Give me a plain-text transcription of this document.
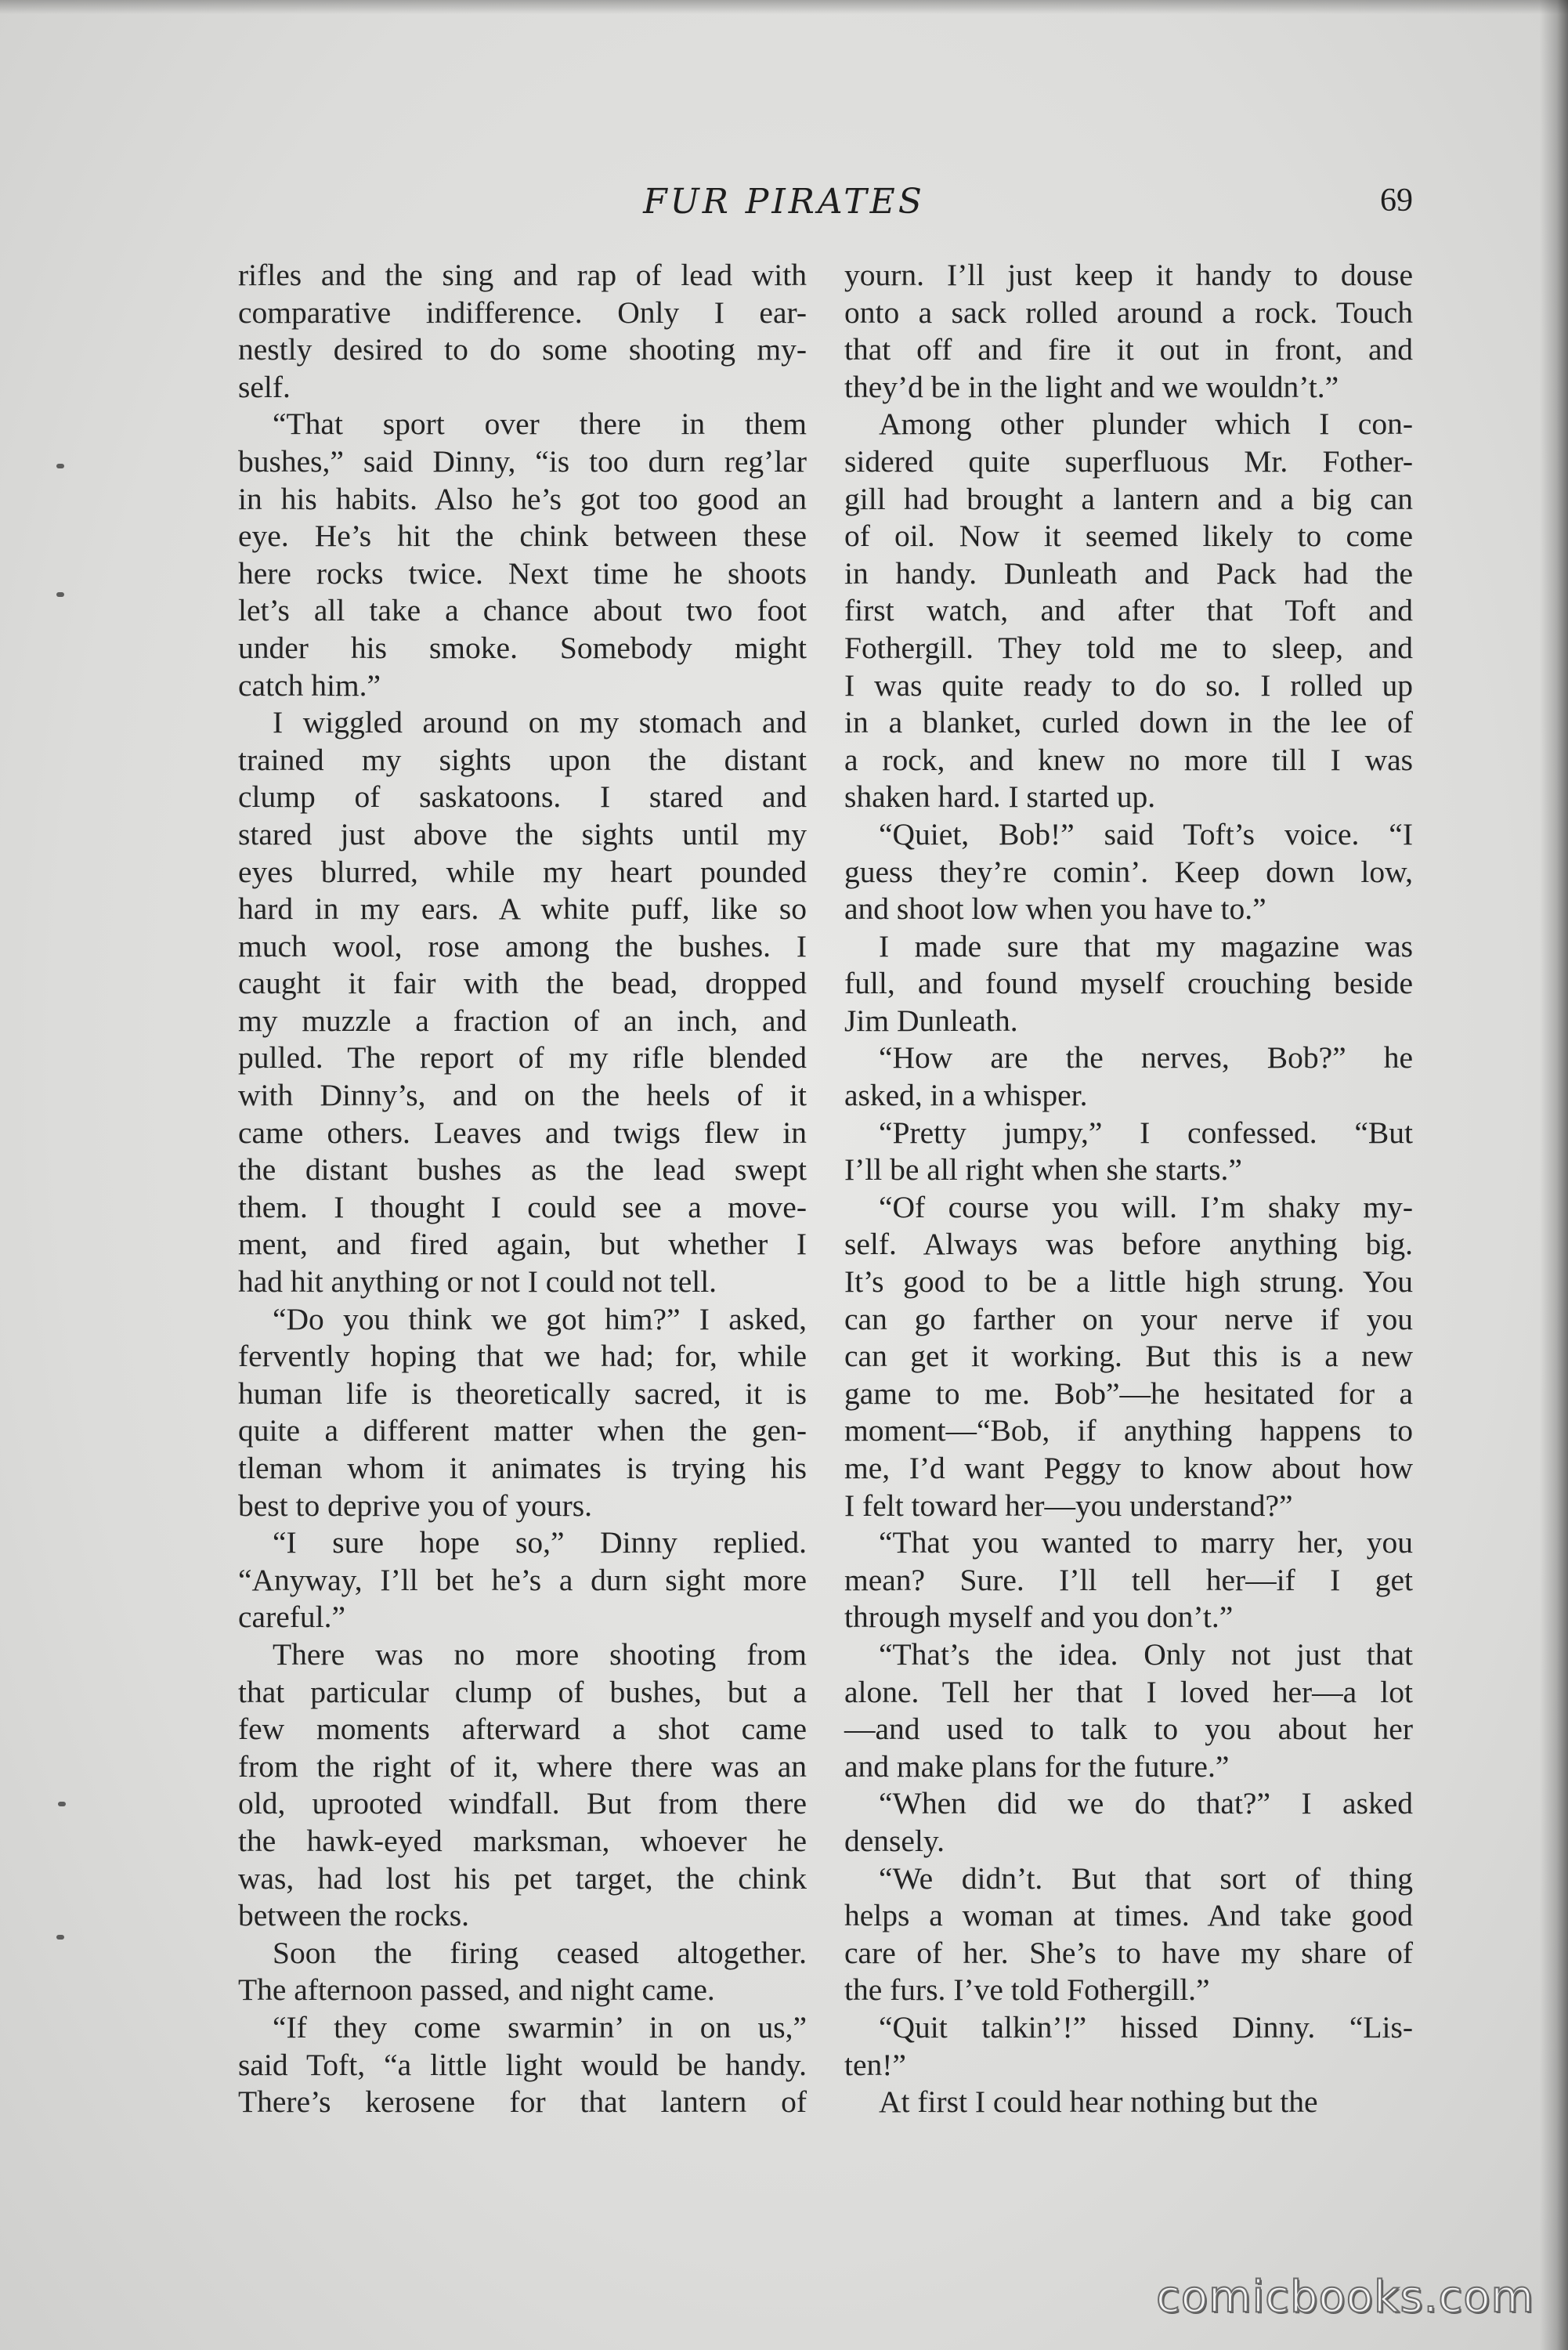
FUR PIRATES	69
rifles and the sing and rap of lead with
comparative indifference. Only I ear-
nestly desired to do some shooting my-
self.
“That sport over there in them
bushes,” said Dinny, “is too durn reg’lar
in his habits. Also he’s got too good an
eye. He’s hit the chink between these
here rocks twice. Next time he shoots
let’s all take a chance about two foot
under his smoke. Somebody might
catch him.”
I wiggled around on my stomach and
trained my sights upon the distant
clump of saskatoons. I stared and
stared just above the sights until my
eyes blurred, while my heart pounded
hard in my ears. A white puff, like so
much wool, rose among the bushes. I
caught it fair with the bead, dropped
my muzzle a fraction of an inch, and
pulled. The report of my rifle blended
with Dinny’s, and on the heels of it
came others. Leaves and twigs flew in
the distant bushes as the lead swept
them. I thought I could see a move-
ment, and fired again, but whether I
had hit anything or not I could not tell.
“Do you think we got him?” I asked,
fervently hoping that we had; for, while
human life is theoretically sacred, it is
quite a different matter when the gen-
tleman whom it animates is trying his
best to deprive you of yours.
“I sure hope so,” Dinny replied.
“Anyway, I’ll bet he’s a durn sight more
careful.”
There was no more shooting from
that particular clump of bushes, but a
few moments afterward a shot came
from the right of it, where there was an
old, uprooted windfall. But from there
the hawk-eyed marksman, whoever he
was, had lost his pet target, the chink
between the rocks.
Soon the firing ceased altogether.
The afternoon passed, and night came.
“If they come swarmin’ in on us,”
said Toft, “a little light would be handy.
There’s kerosene for that lantern of
yourn. I’ll just keep it handy to douse
onto a sack rolled around a rock. Touch
that off and fire it out in front, and
they’d be in the light and we wouldn’t.”
Among other plunder which I con-
sidered quite superfluous Mr. Fother-
gill had brought a lantern and a big can
of oil. Now it seemed likely to come
in handy. Dunleath and Pack had the
first watch, and after that Toft and
Fothergill. They told me to sleep, and
I was quite ready to do so. I rolled up
in a blanket, curled down in the lee of
a rock, and knew no more till I was
shaken hard. I started up.
“Quiet, Bob!” said Toft’s voice. “I
guess they’re comin’. Keep down low,
and shoot low when you have to.”
I made sure that my magazine was
full, and found myself crouching beside
Jim Dunleath.
“How are the nerves, Bob?” he
asked, in a whisper.
“Pretty jumpy,” I confessed. “But
I’ll be all right when she starts.”
“Of course you will. I’m shaky my-
self. Always was before anything big.
It’s good to be a little high strung. You
can go farther on your nerve if you
can get it working. But this is a new
game to me. Bob”—he hesitated for a
moment—“Bob, if anything happens to
me, I’d want Peggy to know about how
I felt toward her—you understand?”
“That you wanted to marry her, you
mean? Sure. I’ll tell her—if I get
through myself and you don’t.”
“That’s the idea. Only not just that
alone. Tell her that I loved her—a lot
—and used to talk to you about her
and make plans for the future.”
“When did we do that?” I asked
densely.
“We didn’t. But that sort of thing
helps a woman at times. And take good
care of her. She’s to have my share of
the furs. I’ve told Fothergill.”
“Quit talkin’!” hissed Dinny. “Lis-
ten!”
At first I could hear nothing but the
comicbooks.com
